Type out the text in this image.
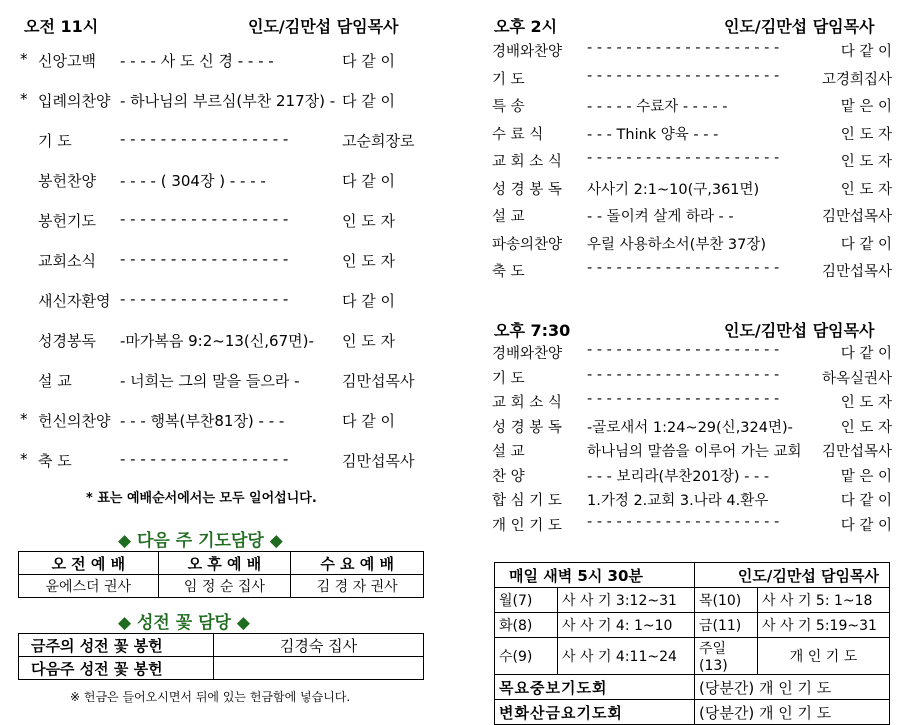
오전 11시	인도/김만섭 담임목사
* 신앙고백 - - - - 사 도 신 경 - - - -	다 같 이
* 입례의찬양 - 하나님의 부르심(부찬 217장) - 다 같 이
기 도	- - - - - - - - - - - - - - - - -	고순희장로
봉헌찬양 - - - - ( 304장 ) - - - -	다 같 이
봉헌기도 - - - - - - - - - - - - - - - - -	인 도 자
교회소식 - - - - - - - - - - - - - - - - -	인 도 자
새신자환영 - - - - - - - - - - - - - - - - -	다 같 이
성경봉독 -마가복음 9:2~13(신,67면)- 인 도 자
설 교	- 너희는 그의 말을 들으라 -	김만섭목사
* 헌신의찬양 - - - 행복(부찬81장) - - -	다 같 이
* 축 도	- - - - - - - - - - - - - - - - -	김만섭목사
* 표는 예배순서에서는 모두 일어섭니다.
◆ 다음 주 기도담당 ◆
오 전 예 배	오 후 예 배	수 요 예 배
윤에스더 권사	임 정 순 집사	김 경 자 권사
◆ 성전 꽃 담당 ◆
금주의 성전 꽃 봉헌	김경숙 집사
다음주 성전 꽃 봉헌	
※ 헌금은 들어오시면서 뒤에 있는 헌금함에 넣습니다.
오후 2시	인도/김만섭 담임목사
경배와찬양 - - - - - - - - - - - - - - - - - - - -	다 같 이
기 도	- - - - - - - - - - - - - - - - - - - -	고경희집사
특 송	- - - - - 수료자 - - - - -	맡 은 이
수 료 식	- - - Think 양육 - - -	인 도 자
교 회 소 식 - - - - - - - - - - - - - - - - - - - -	인 도 자
성 경 봉 독 사사기 2:1~10(구,361면)	인 도 자
설 교	- - 돌이켜 살게 하라 - -	김만섭목사
파송의찬양 우릴 사용하소서(부찬 37장)	다 같 이
축 도	- - - - - - - - - - - - - - - - - - - -	김만섭목사
오후 7:30	인도/김만섭 담임목사
경배와찬양 - - - - - - - - - - - - - - - - - - - -	다 같 이
기 도	- - - - - - - - - - - - - - - - - - - -	하옥실권사
교 회 소 식 - - - - - - - - - - - - - - - - - - - -	인 도 자
성 경 봉 독 -골로새서 1:24~29(신,324면)-	인 도 자
설 교	하나님의 말씀을 이루어 가는 교회	김만섭목사
찬 양	- - - 보리라(부찬201장) - - -	맡 은 이
합 심 기 도 1.가정 2.교회 3.나라 4.환우	다 같 이
개 인 기 도 - - - - - - - - - - - - - - - - - - - -	다 같 이
매일 새벽 5시 30분		인도/김만섭 담임목사	
월(7)	사 사 기 3:12~31	목(10)	사 사 기 5: 1~18
화(8)	사 사 기 4: 1~10	금(11)	사 사 기 5:19~31
수(9)	사 사 기 4:11~24	주일(13)	개 인 기 도
목요중보기도회		(당분간) 개 인 기 도	
변화산금요기도회		(당분간) 개 인 기 도	
